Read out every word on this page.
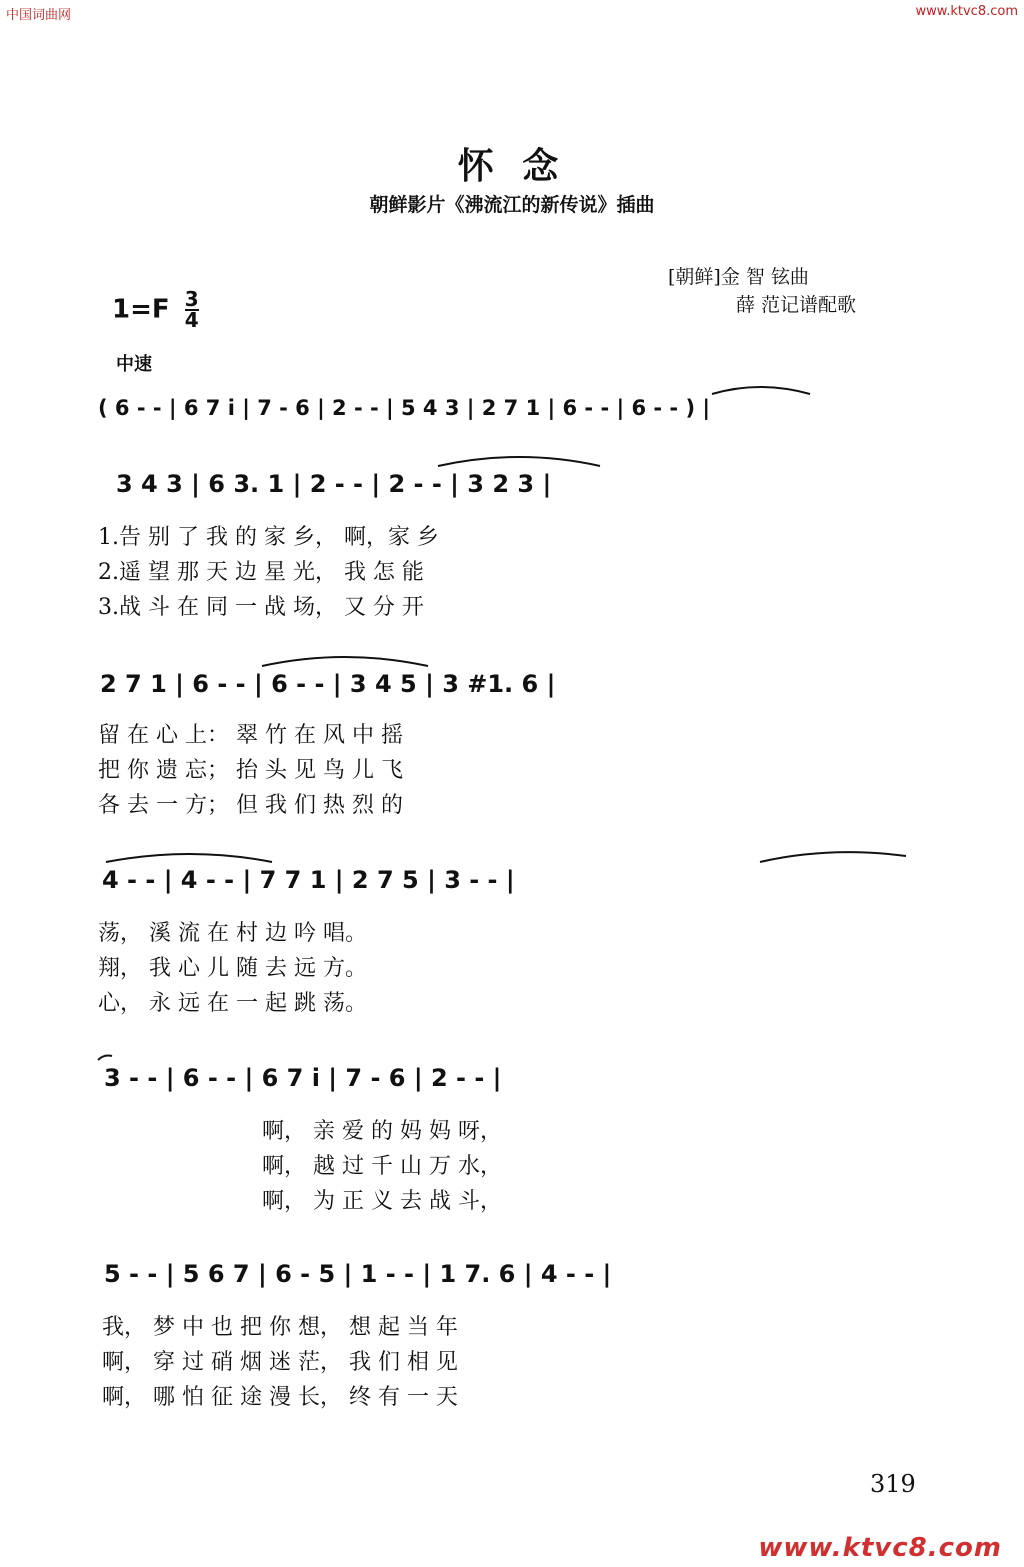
中国词曲网	www.ktvc8.com
www.ktvc8.com
怀 念
朝鲜影片《沸流江的新传说》插曲
[朝鲜]金 智 铉曲
薛 范记谱配歌
$1=F \frac{3}{4}$
中速
( 6 - - | 6 7 i | 7 - 6 | 2 - - | 5 4 3 | 2 7 1 | 6 - - | 6 - - ) |
3 4 3 | 6 3. 1 | 2 - - | 2 - - | 3 2 3 |
1.告 别 了 我 的 家 乡， 啊，家 乡
2.遥 望 那 天 边 星 光， 我 怎 能
3.战 斗 在 同 一 战 场， 又 分 开
2 7 1 | 6 - - | 6 - - | 3 4 5 | 3 #1. 6 |
留 在 心 上： 翠 竹 在 风 中 摇
把 你 遗 忘； 抬 头 见 鸟 儿 飞
各 去 一 方； 但 我 们 热 烈 的
4 - - | 4 - - | 7 7 1 | 2 7 5 | 3 - - |
荡， 溪 流 在 村 边 吟 唱。
翔， 我 心 儿 随 去 远 方。
心， 永 远 在 一 起 跳 荡。
3 - - | 6 - - | 6 7 i | 7 - 6 | 2 - - |
啊， 亲 爱 的 妈 妈 呀，
啊， 越 过 千 山 万 水，
啊， 为 正 义 去 战 斗，
5 - - | 5 6 7 | 6 - 5 | 1 - - | 1 7. 6 | 4 - - |
我， 梦 中 也 把 你 想， 想 起 当 年
啊， 穿 过 硝 烟 迷 茫， 我 们 相 见
啊， 哪 怕 征 途 漫 长， 终 有 一 天
319
